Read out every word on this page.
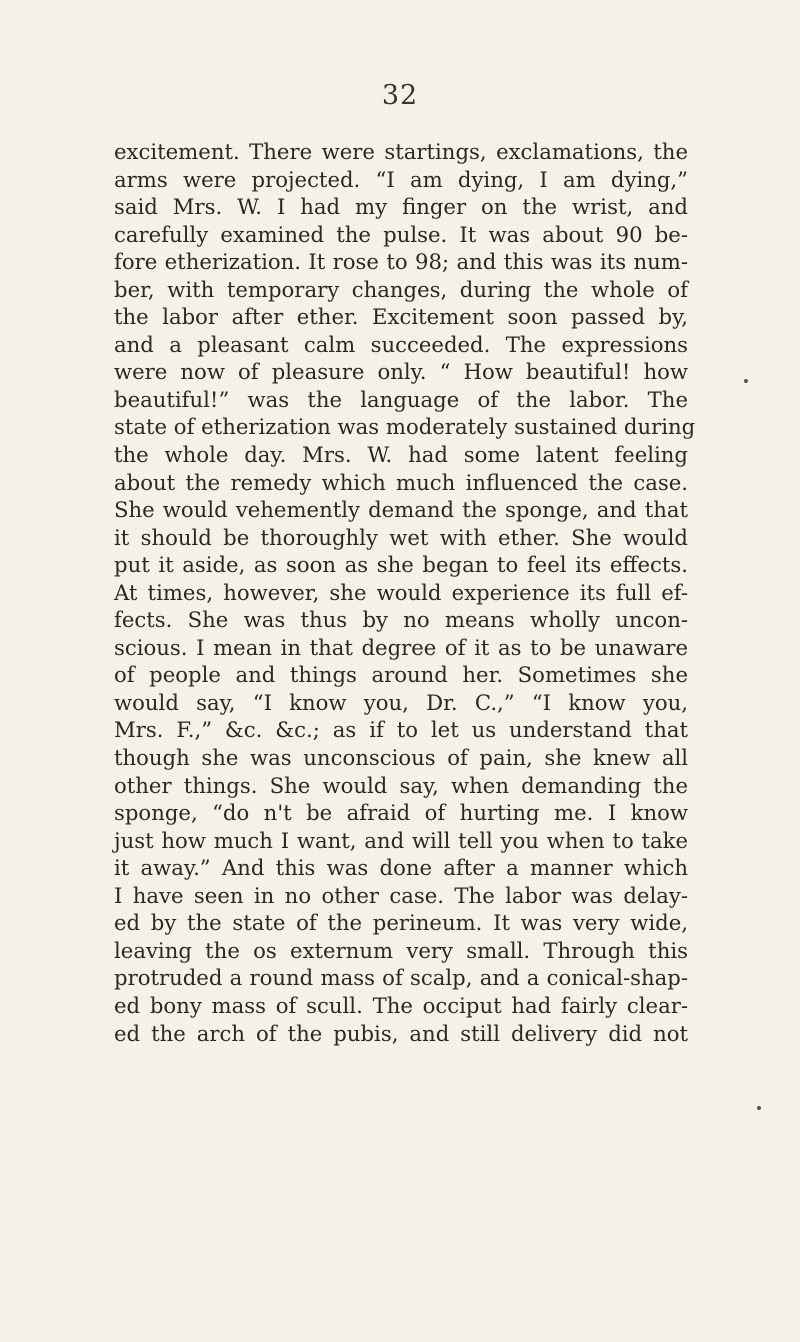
32
excitement. There were startings, exclamations, the
arms were projected. “I am dying, I am dying,”
said Mrs. W. I had my finger on the wrist, and
carefully examined the pulse. It was about 90 be-
fore etherization. It rose to 98; and this was its num-
ber, with temporary changes, during the whole of
the labor after ether. Excitement soon passed by,
and a pleasant calm succeeded. The expressions
were now of pleasure only. “ How beautiful! how
beautiful!” was the language of the labor. The
state of etherization was moderately sustained during
the whole day. Mrs. W. had some latent feeling
about the remedy which much influenced the case.
She would vehemently demand the sponge, and that
it should be thoroughly wet with ether. She would
put it aside, as soon as she began to feel its effects.
At times, however, she would experience its full ef-
fects. She was thus by no means wholly uncon-
scious. I mean in that degree of it as to be unaware
of people and things around her. Sometimes she
would say, “I know you, Dr. C.,” “I know you,
Mrs. F.,” &c. &c.; as if to let us understand that
though she was unconscious of pain, she knew all
other things. She would say, when demanding the
sponge, “do n't be afraid of hurting me. I know
just how much I want, and will tell you when to take
it away.” And this was done after a manner which
I have seen in no other case. The labor was delay-
ed by the state of the perineum. It was very wide,
leaving the os externum very small. Through this
protruded a round mass of scalp, and a conical-shap-
ed bony mass of scull. The occiput had fairly clear-
ed the arch of the pubis, and still delivery did not
